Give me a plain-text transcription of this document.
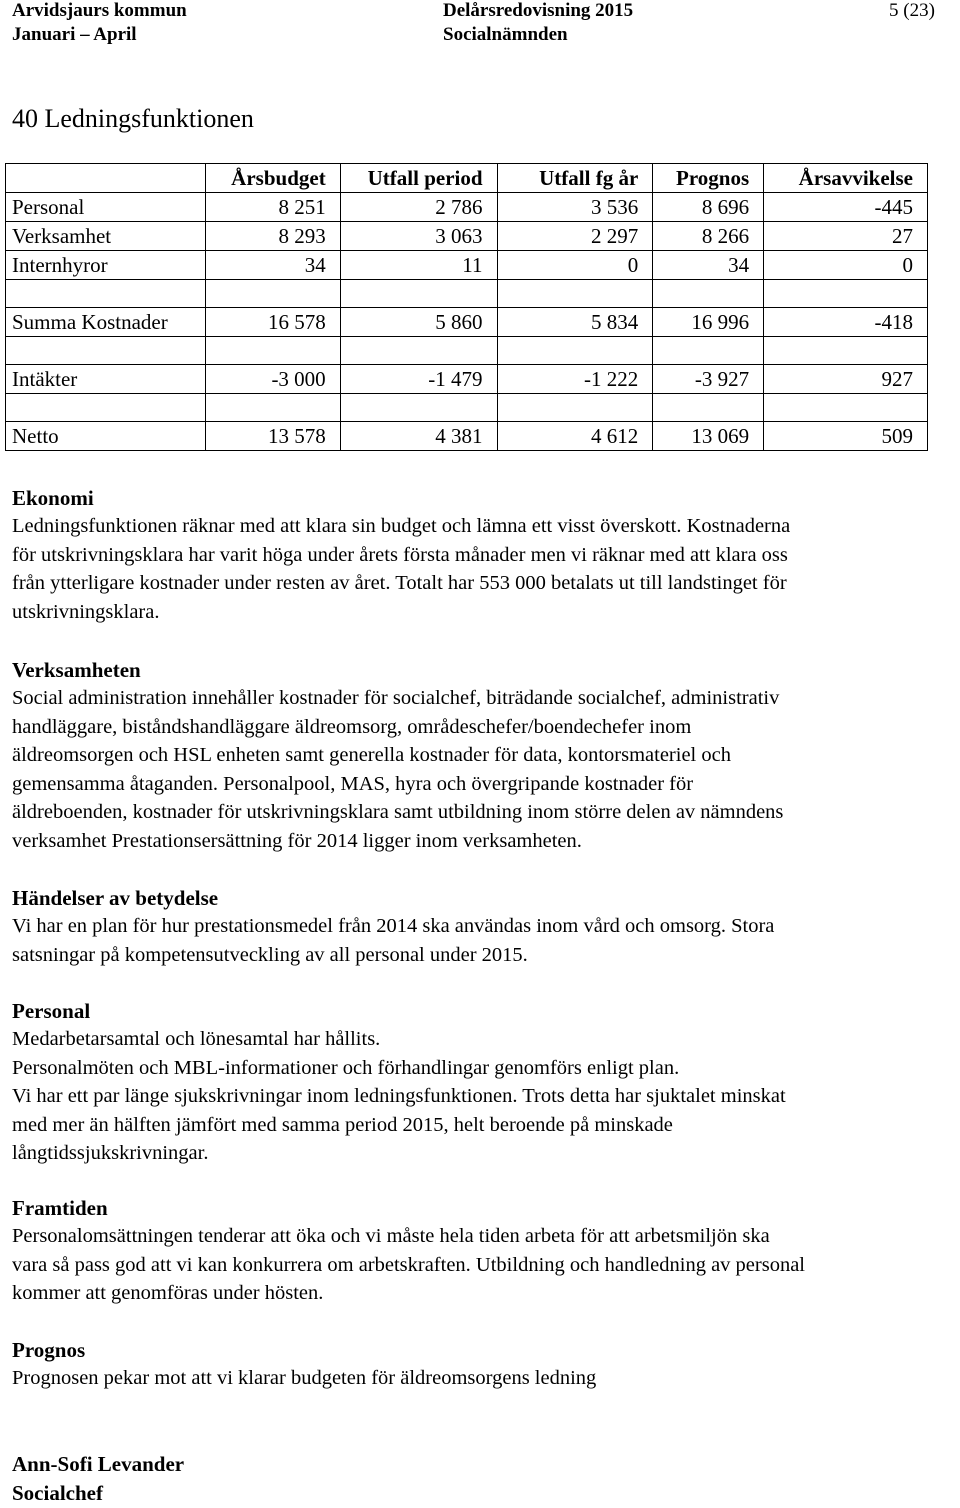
Arvidsjaurs kommun
Januari – April
Delårsredovisning 2015
Socialnämnden
5 (23)
40 Ledningsfunktionen
	Årsbudget	Utfall period	Utfall fg år	Prognos	Årsavvikelse
Personal	8 251	2 786	3 536	8 696	-445
Verksamhet	8 293	3 063	2 297	8 266	27
Internhyror	34	11	0	34	0

Summa Kostnader	16 578	5 860	5 834	16 996	-418

Intäkter	-3 000	-1 479	-1 222	-3 927	927

Netto	13 578	4 381	4 612	13 069	509
Ekonomi

Ledningsfunktionen räknar med att klara sin budget och lämna ett visst överskott. Kostnaderna
för utskrivningsklara har varit höga under årets första månader men vi räknar med att klara oss
från ytterligare kostnader under resten av året. Totalt har 553 000 betalats ut till landstinget för
utskrivningsklara.

Verksamheten

Social administration innehåller kostnader för socialchef, biträdande socialchef, administrativ
handläggare, biståndshandläggare äldreomsorg, områdeschefer/boendechefer inom
äldreomsorgen och HSL enheten samt generella kostnader för data, kontorsmateriel och
gemensamma åtaganden. Personalpool, MAS, hyra och övergripande kostnader för
äldreboenden, kostnader för utskrivningsklara samt utbildning inom större delen av nämndens
verksamhet Prestationsersättning för 2014 ligger inom verksamheten.

Händelser av betydelse

Vi har en plan för hur prestationsmedel från 2014 ska användas inom vård och omsorg. Stora
satsningar på kompetensutveckling av all personal under 2015.

Personal

Medarbetarsamtal och lönesamtal har hållits.
Personalmöten och MBL-informationer och förhandlingar genomförs enligt plan.
Vi har ett par länge sjukskrivningar inom ledningsfunktionen. Trots detta har sjuktalet minskat
med mer än hälften jämfört med samma period 2015, helt beroende på minskade
långtidssjukskrivningar.

Framtiden

Personalomsättningen tenderar att öka och vi måste hela tiden arbeta för att arbetsmiljön ska
vara så pass god att vi kan konkurrera om arbetskraften. Utbildning och handledning av personal
kommer att genomföras under hösten.

Prognos

Prognosen pekar mot att vi klarar budgeten för äldreomsorgens ledning

Ann-Sofi Levander
Socialchef
